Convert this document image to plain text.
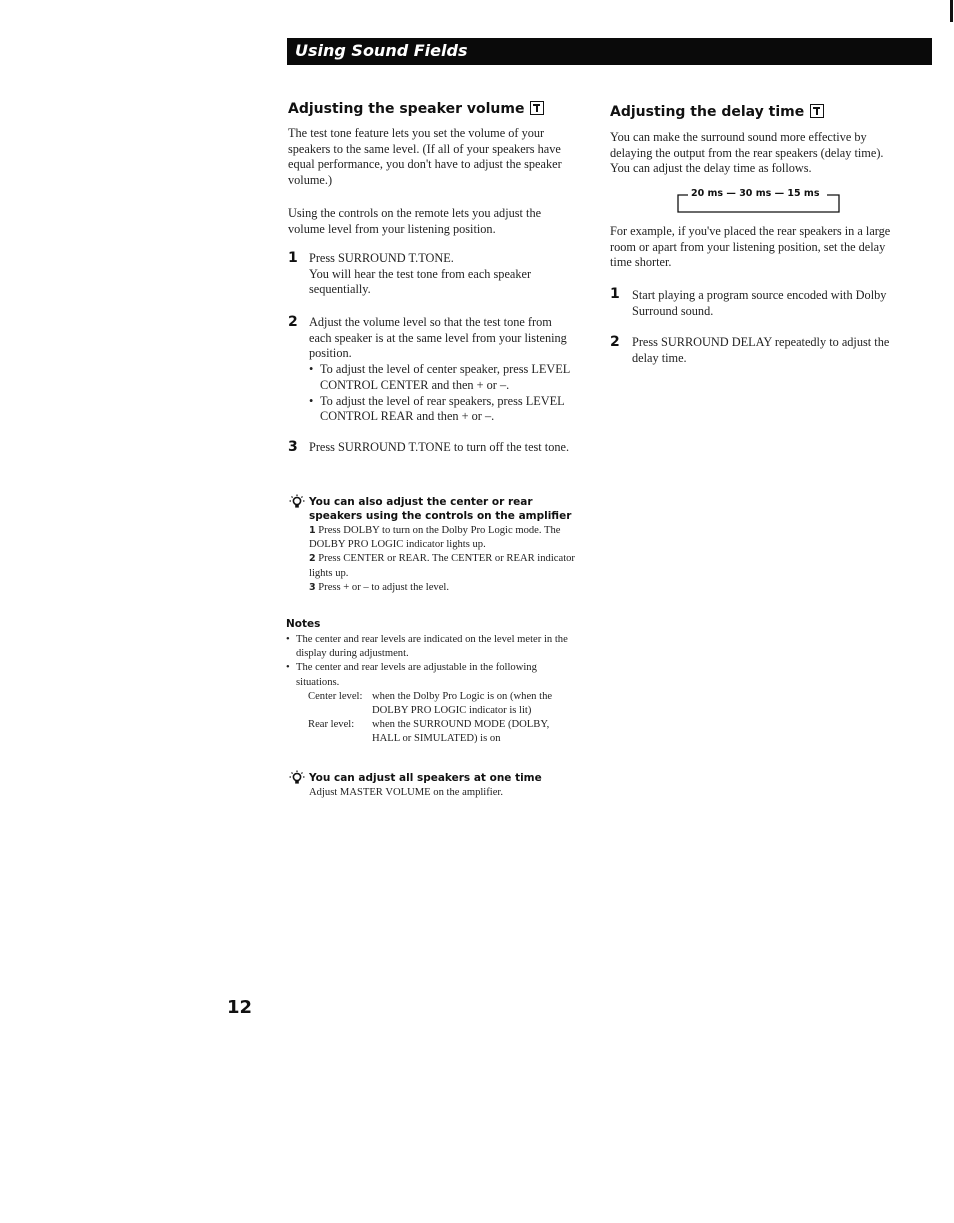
Using Sound Fields
Adjusting the speaker volume
The test tone feature lets you set the volume of your speakers to the same level. (If all of your speakers have equal performance, you don't have to adjust the speaker volume.)
Using the controls on the remote lets you adjust the volume level from your listening position.
1 Press SURROUND T.TONE.
You will hear the test tone from each speaker sequentially.
2 Adjust the volume level so that the test tone from each speaker is at the same level from your listening position.
• To adjust the level of center speaker, press LEVEL CONTROL CENTER and then + or –.
• To adjust the level of rear speakers, press LEVEL CONTROL REAR and then + or –.
3 Press SURROUND T.TONE to turn off the test tone.
You can also adjust the center or rear speakers using the controls on the amplifier
1 Press DOLBY to turn on the Dolby Pro Logic mode. The DOLBY PRO LOGIC indicator lights up.
2 Press CENTER or REAR. The CENTER or REAR indicator lights up.
3 Press + or – to adjust the level.
Notes
• The center and rear levels are indicated on the level meter in the display during adjustment.
• The center and rear levels are adjustable in the following situations.
Center level: when the Dolby Pro Logic is on (when the DOLBY PRO LOGIC indicator is lit)
Rear level:	when the SURROUND MODE (DOLBY, HALL or SIMULATED) is on
You can adjust all speakers at one time
Adjust MASTER VOLUME on the amplifier.
Adjusting the delay time
You can make the surround sound more effective by delaying the output from the rear speakers (delay time). You can adjust the delay time as follows.
20 ms — 30 ms — 15 ms
For example, if you've placed the rear speakers in a large room or apart from your listening position, set the delay time shorter.
1 Start playing a program source encoded with Dolby Surround sound.
2 Press SURROUND DELAY repeatedly to adjust the delay time.
12
